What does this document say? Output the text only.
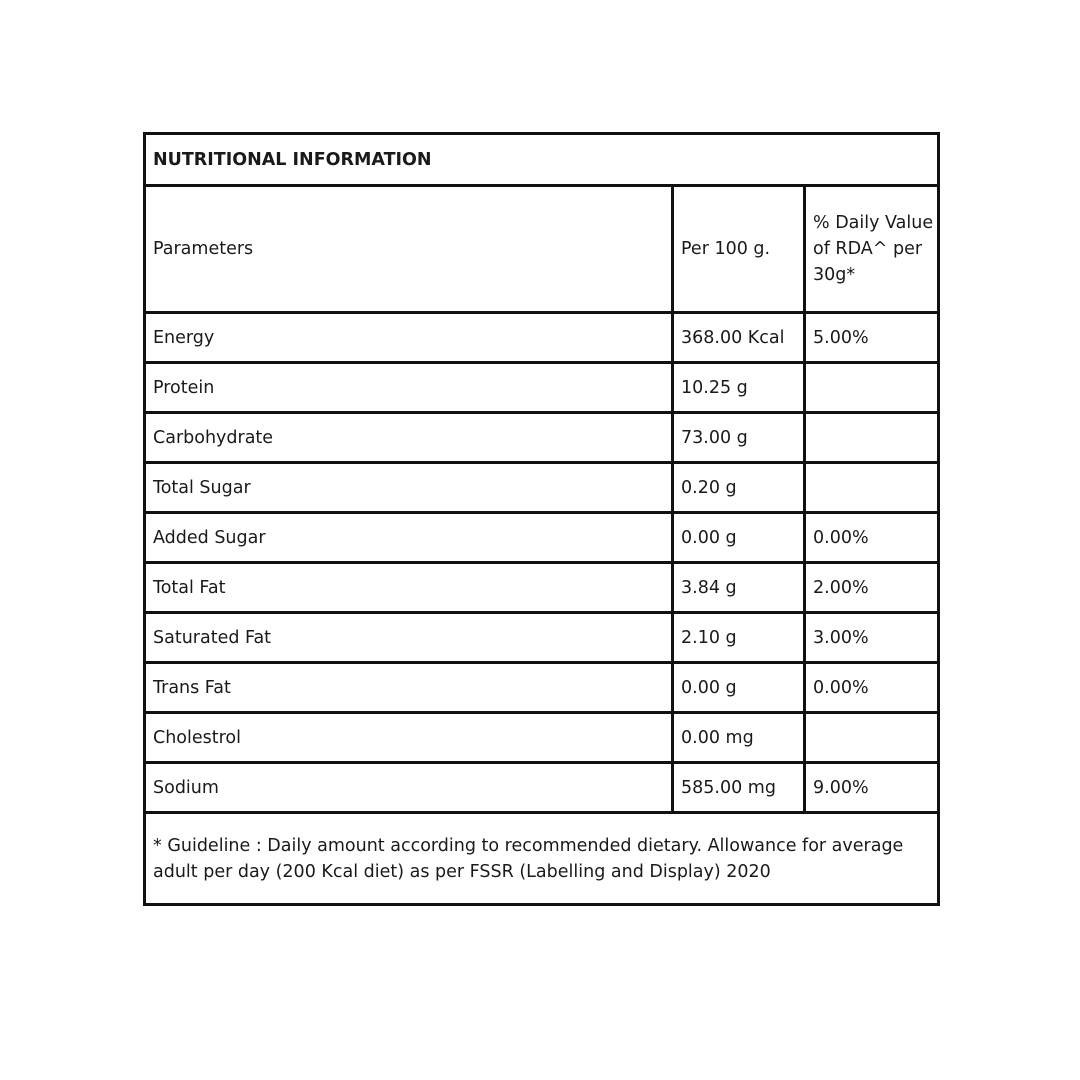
NUTRITIONAL INFORMATION		
Parameters	Per 100 g.	% Daily Value of RDA^ per 30g*
Energy	368.00 Kcal	5.00%
Protein	10.25 g	
Carbohydrate	73.00 g	
Total Sugar	0.20 g	
Added Sugar	0.00 g	0.00%
Total Fat	3.84 g	2.00%
Saturated Fat	2.10 g	3.00%
Trans Fat	0.00 g	0.00%
Cholestrol	0.00 mg	
Sodium	585.00 mg	9.00%
* Guideline : Daily amount according to recommended dietary. Allowance for average adult per day (200 Kcal diet) as per FSSR (Labelling and Display) 2020		
